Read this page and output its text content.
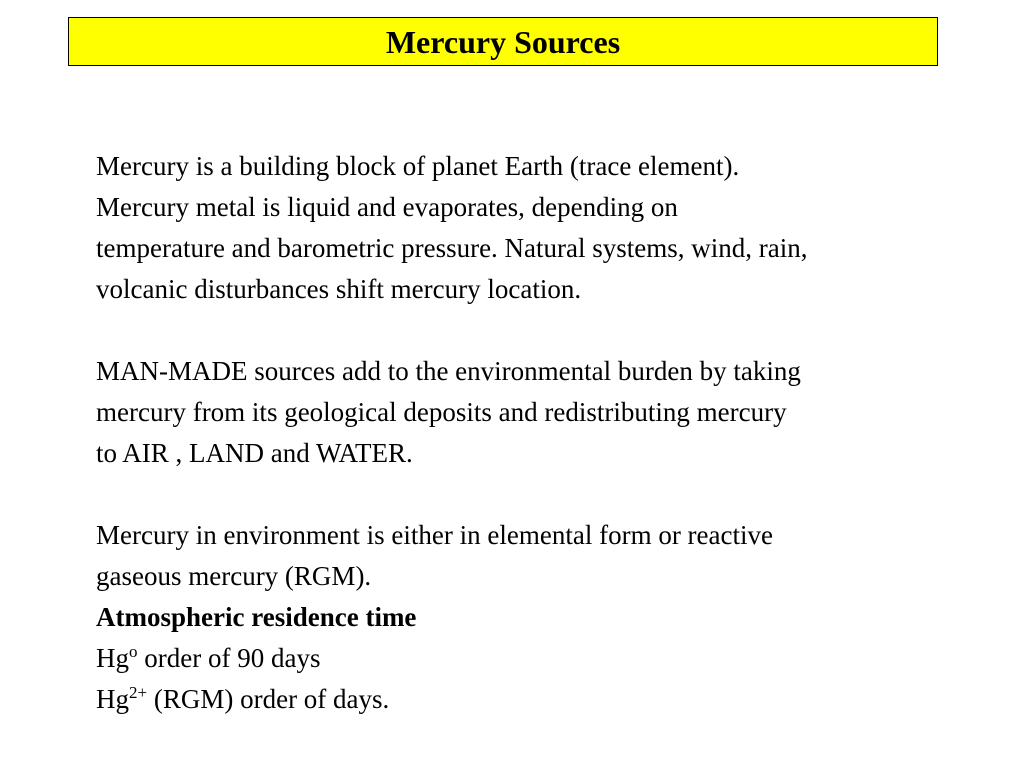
Mercury Sources

Mercury is a building block of planet Earth (trace element).
Mercury metal is liquid and evaporates, depending on
temperature and barometric pressure. Natural systems, wind, rain,
volcanic disturbances shift mercury location.

MAN-MADE sources add to the environmental burden by taking
mercury from its geological deposits and redistributing mercury
to AIR , LAND and WATER.

Mercury in environment is either in elemental form or reactive
gaseous mercury (RGM).
Atmospheric residence time
Hg$^o$ order of 90 days
$Hg^{2+}$ (RGM) order of days.
